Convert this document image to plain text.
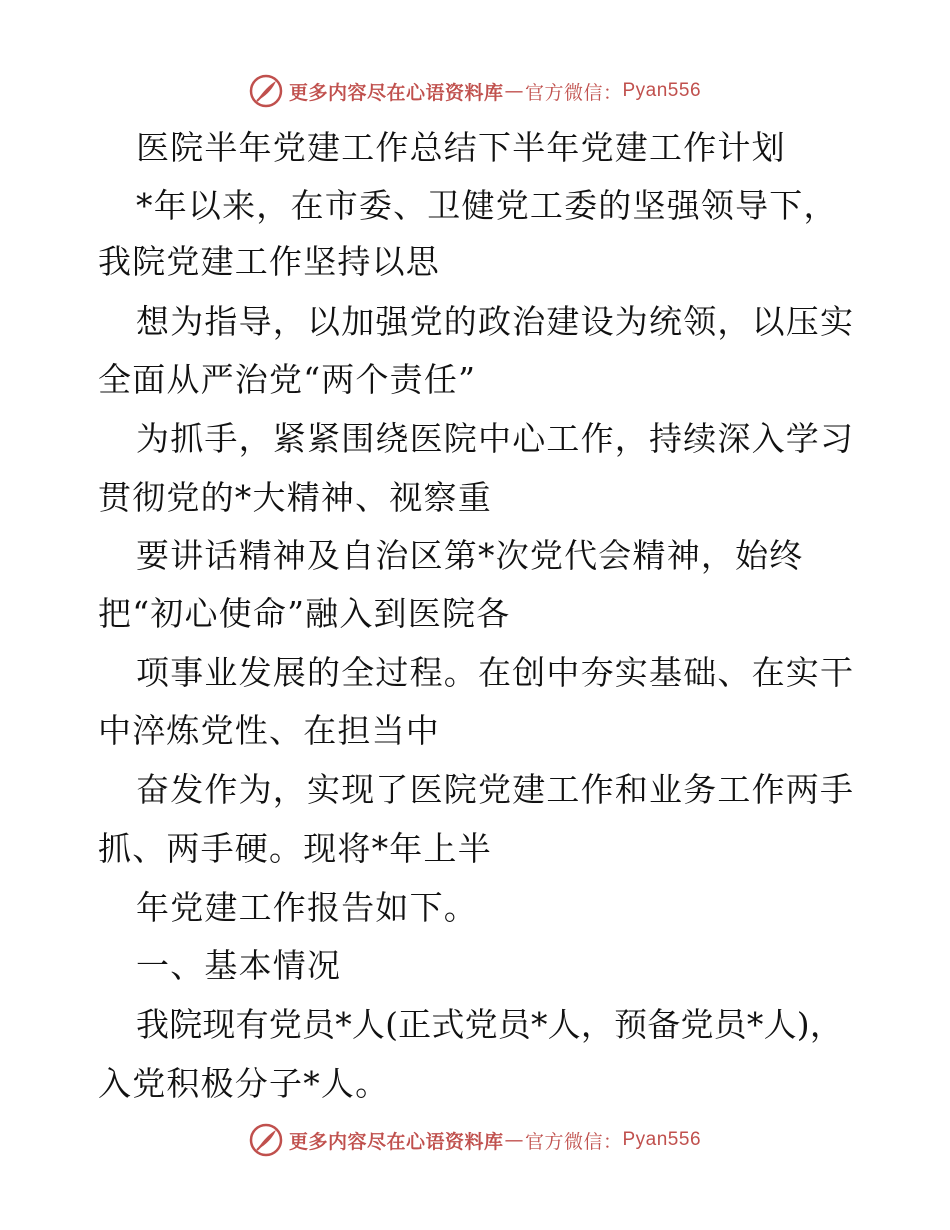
更多内容尽在心语资料库 — 官方微信： Pyan556
医院半年党建工作总结下半年党建工作计划
*年以来，在市委、卫健党工委的坚强领导下，
我院党建工作坚持以思
想为指导，以加强党的政治建设为统领，以压实
全面从严治党“两个责任”
为抓手，紧紧围绕医院中心工作，持续深入学习
贯彻党的*大精神、视察重
要讲话精神及自治区第*次党代会精神，始终
把“初心使命”融入到医院各
项事业发展的全过程。在创中夯实基础、在实干
中淬炼党性、在担当中
奋发作为，实现了医院党建工作和业务工作两手
抓、两手硬。现将*年上半
年党建工作报告如下。
一、基本情况
我院现有党员*人(正式党员*人，预备党员*人)，
入党积极分子*人。
更多内容尽在心语资料库 — 官方微信： Pyan556
